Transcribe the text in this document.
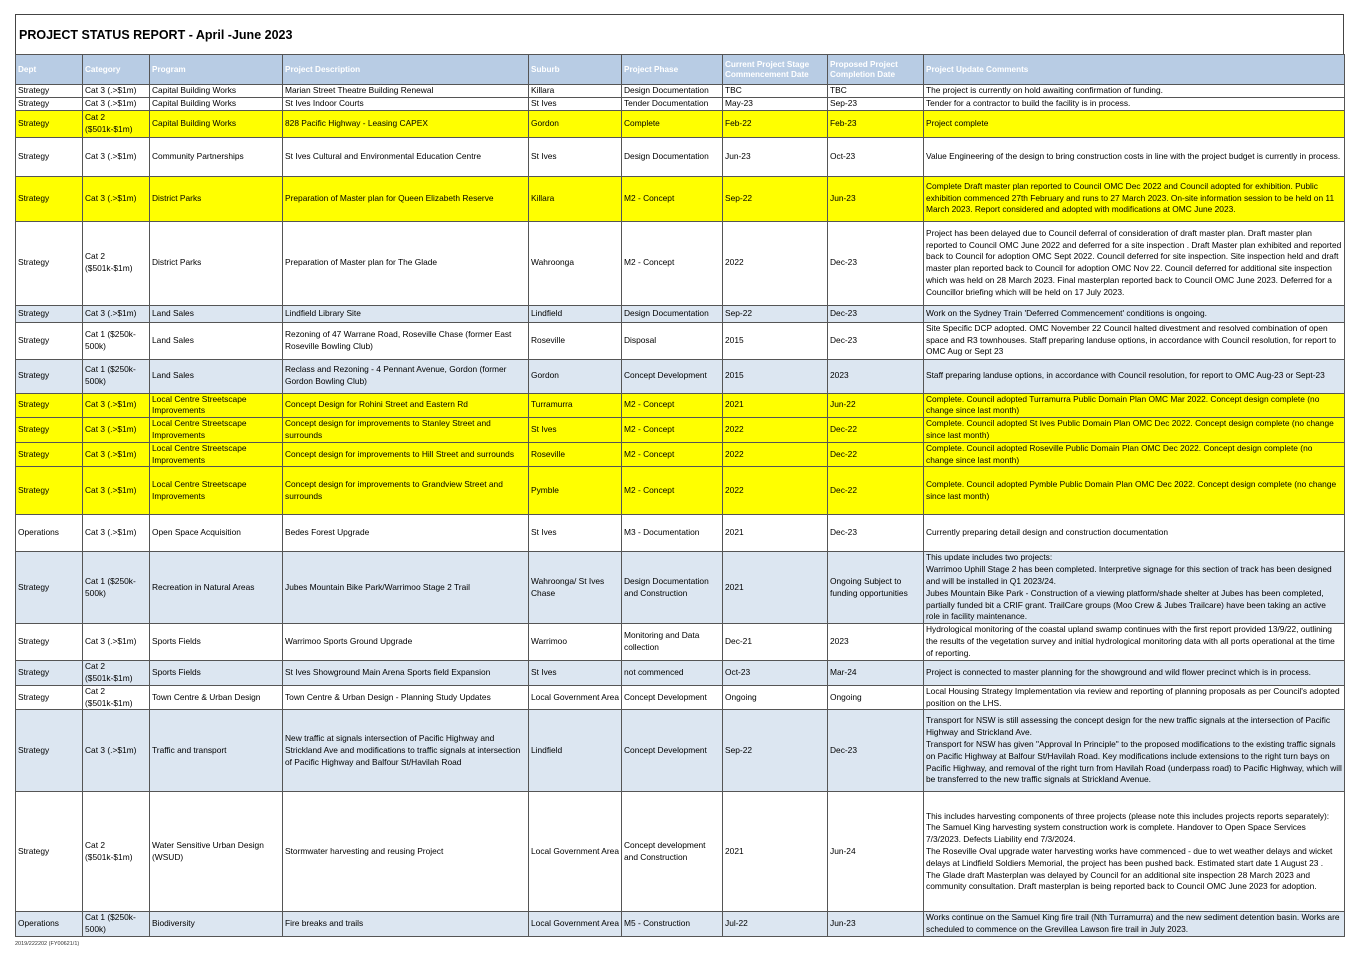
PROJECT STATUS REPORT - April -June 2023
Dept	Category	Program	Project Description	Suburb	Project Phase	Current Project Stage Commencement Date	Proposed Project Completion Date	Project Update Comments
Strategy	Cat 3 (.>$1m)	Capital Building Works	Marian Street Theatre Building Renewal	Killara	Design Documentation	TBC	TBC	The project is currently on hold awaiting confirmation of funding.
Strategy	Cat 3 (.>$1m)	Capital Building Works	St Ives Indoor Courts	St Ives	Tender Documentation	May-23	Sep-23	Tender for a contractor to build the facility is in process.
Strategy	Cat 2 ($501k-$1m)	Capital Building Works	828 Pacific Highway - Leasing CAPEX	Gordon	Complete	Feb-22	Feb-23	Project complete
Strategy	Cat 3 (.>$1m)	Community Partnerships	St Ives Cultural and Environmental Education Centre	St Ives	Design Documentation	Jun-23	Oct-23	Value Engineering of the design to bring construction costs in line with the project budget is currently in process.
Strategy	Cat 3 (.>$1m)	District Parks	Preparation of Master plan for Queen Elizabeth Reserve	Killara	M2 - Concept	Sep-22	Jun-23	Complete Draft master plan reported to Council OMC Dec 2022 and Council adopted for exhibition. Public exhibition commenced 27th February and runs to 27 March 2023. On-site information session to be held on 11 March 2023. Report considered and adopted with modifications at OMC June 2023.
Strategy	Cat 2 ($501k-$1m)	District Parks	Preparation of Master plan for The Glade	Wahroonga	M2 - Concept	2022	Dec-23	Project has been delayed due to Council deferral of consideration of draft master plan. Draft master plan reported to Council OMC June 2022 and deferred for a site inspection . Draft Master plan exhibited and reported back to Council for adoption OMC Sept 2022. Council deferred for site inspection. Site inspection held and draft master plan reported back to Council for adoption OMC Nov 22. Council deferred for additional site inspection which was held on 28 March 2023. Final masterplan reported back to Council OMC June 2023. Deferred for a Councillor briefing which will be held on 17 July 2023.
Strategy	Cat 3 (.>$1m)	Land Sales	Lindfield Library Site	Lindfield	Design Documentation	Sep-22	Dec-23	Work on the Sydney Train 'Deferred Commencement' conditions is ongoing.
Strategy	Cat 1 ($250k-500k)	Land Sales	Rezoning of 47 Warrane Road, Roseville Chase (former East Roseville Bowling Club)	Roseville	Disposal	2015	Dec-23	Site Specific DCP adopted. OMC November 22 Council halted divestment and resolved combination of open space and R3 townhouses. Staff preparing landuse options, in accordance with Council resolution, for report to OMC Aug or Sept 23
Strategy	Cat 1 ($250k-500k)	Land Sales	Reclass and Rezoning - 4 Pennant Avenue, Gordon (former Gordon Bowling Club)	Gordon	Concept Development	2015	2023	Staff preparing landuse options, in accordance with Council resolution, for report to OMC Aug-23 or Sept-23
Strategy	Cat 3 (.>$1m)	Local Centre Streetscape Improvements	Concept Design for Rohini Street and Eastern Rd	Turramurra	M2 - Concept	2021	Jun-22	Complete. Council adopted Turramurra Public Domain Plan OMC Mar 2022. Concept design complete (no change since last month)
Strategy	Cat 3 (.>$1m)	Local Centre Streetscape Improvements	Concept design for improvements to Stanley Street and surrounds	St Ives	M2 - Concept	2022	Dec-22	Complete. Council adopted St Ives Public Domain Plan OMC Dec 2022. Concept design complete (no change since last month)
Strategy	Cat 3 (.>$1m)	Local Centre Streetscape Improvements	Concept design for improvements to Hill Street and surrounds	Roseville	M2 - Concept	2022	Dec-22	Complete. Council adopted Roseville Public Domain Plan OMC Dec 2022. Concept design complete (no change since last month)
Strategy	Cat 3 (.>$1m)	Local Centre Streetscape Improvements	Concept design for improvements to Grandview Street and surrounds	Pymble	M2 - Concept	2022	Dec-22	Complete. Council adopted Pymble Public Domain Plan OMC Dec 2022. Concept design complete (no change since last month)
Operations	Cat 3 (.>$1m)	Open Space Acquisition	Bedes Forest Upgrade	St Ives	M3 - Documentation	2021	Dec-23	Currently preparing detail design and construction documentation
Strategy	Cat 1 ($250k-500k)	Recreation in Natural Areas	Jubes Mountain Bike Park/Warrimoo Stage 2 Trail	Wahroonga/ St Ives Chase	Design Documentation and Construction	2021	Ongoing Subject to funding opportunities	This update includes two projects:
Warrimoo Uphill Stage 2 has been completed. Interpretive signage for this section of track has been designed and will be installed in Q1 2023/24.
Jubes Mountain Bike Park - Construction of a viewing platform/shade shelter at Jubes has been completed, partially funded bit a CRIF grant. TrailCare groups (Moo Crew & Jubes Trailcare) have been taking an active role in facility maintenance.
Strategy	Cat 3 (.>$1m)	Sports Fields	Warrimoo Sports Ground Upgrade	Warrimoo	Monitoring and Data collection	Dec-21	2023	Hydrological monitoring of the coastal upland swamp continues with the first report provided 13/9/22, outlining the results of the vegetation survey and initial hydrological monitoring data with all ports operational at the time of reporting.
Strategy	Cat 2 ($501k-$1m)	Sports Fields	St Ives Showground Main Arena Sports field Expansion	St Ives	not commenced	Oct-23	Mar-24	Project is connected to master planning for the showground and wild flower precinct which is in process.
Strategy	Cat 2 ($501k-$1m)	Town Centre & Urban Design	Town Centre & Urban Design - Planning Study Updates	Local Government Area	Concept Development	Ongoing	Ongoing	Local Housing Strategy Implementation via review and reporting of planning proposals as per Council's adopted position on the LHS.
Strategy	Cat 3 (.>$1m)	Traffic and transport	New traffic at signals intersection of Pacific Highway and Strickland Ave and modifications to traffic signals at intersection of Pacific Highway and Balfour St/Havilah Road	Lindfield	Concept Development	Sep-22	Dec-23	Transport for NSW is still assessing the concept design for the new traffic signals at the intersection of Pacific Highway and Strickland Ave.
Transport for NSW has given "Approval In Principle" to the proposed modifications to the existing traffic signals on Pacific Highway at Balfour St/Havilah Road. Key modifications include extensions to the right turn bays on Pacific Highway, and removal of the right turn from Havilah Road (underpass road) to Pacific Highway, which will be transferred to the new traffic signals at Strickland Avenue.
Strategy	Cat 2 ($501k-$1m)	Water Sensitive Urban Design (WSUD)	Stormwater harvesting and reusing Project	Local Government Area	Concept development and Construction	2021	Jun-24	This includes harvesting components of three projects (please note this includes projects reports separately):
The Samuel King harvesting system construction work is complete. Handover to Open Space Services 7/3/2023. Defects Liability end 7/3/2024.
The Roseville Oval upgrade water harvesting works have commenced - due to wet weather delays and wicket delays at Lindfield Soldiers Memorial, the project has been pushed back. Estimated start date 1 August 23 .
The Glade draft Masterplan was delayed by Council for an additional site inspection 28 March 2023 and community consultation. Draft masterplan is being reported back to Council OMC June 2023 for adoption.
Operations	Cat 1 ($250k-500k)	Biodiversity	Fire breaks and trails	Local Government Area	M5 - Construction	Jul-22	Jun-23	Works continue on the Samuel King fire trail (Nth Turramurra) and the new sediment detention basin. Works are scheduled to commence on the Grevillea Lawson fire trail in July 2023.
2019/222202 (FY00621/1)
